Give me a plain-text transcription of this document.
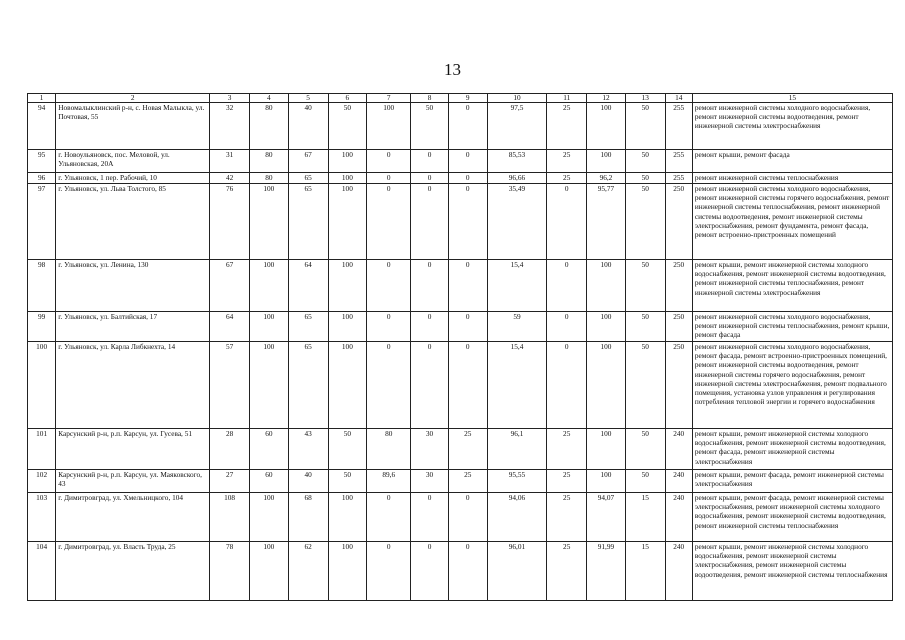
13
1	2	3	4	5	6	7	8	9	10	11	12	13	14	15
94	Новомалыклинский р-н, с. Новая Малыкла, ул. Почтовая, 55	32	80	40	50	100	50	0	97,5	25	100	50	255	ремонт инженерной системы холодного водоснабжения, ремонт инженерной системы водоотведения, ремонт инженерной системы электроснабжения
95	г. Новоульяновск, пос. Меловой, ул. Ульяновская, 20А	31	80	67	100	0	0	0	85,53	25	100	50	255	ремонт крыши, ремонт фасада
96	г. Ульяновск, 1 пер. Рабочий, 10	42	80	65	100	0	0	0	96,66	25	96,2	50	255	ремонт инженерной системы теплоснабжения
97	г. Ульяновск, ул. Льва Толстого, 85	76	100	65	100	0	0	0	35,49	0	95,77	50	250	ремонт инженерной системы холодного водоснабжения, ремонт инженерной системы горячего водоснабжения, ремонт инженерной системы теплоснабжения, ремонт инженерной системы водоотведения, ремонт инженерной системы электроснабжения, ремонт фундамента, ремонт фасада, ремонт встроенно-пристроенных помещений
98	г. Ульяновск, ул. Ленина, 130	67	100	64	100	0	0	0	15,4	0	100	50	250	ремонт крыши, ремонт инженерной системы холодного водоснабжения, ремонт инженерной системы водоотведения, ремонт инженерной системы теплоснабжения, ремонт инженерной системы электроснабжения
99	г. Ульяновск, ул. Балтийская, 17	64	100	65	100	0	0	0	59	0	100	50	250	ремонт инженерной системы холодного водоснабжения, ремонт инженерной системы теплоснабжения, ремонт крыши, ремонт фасада
100	г. Ульяновск, ул. Карла Либкнехта, 14	57	100	65	100	0	0	0	15,4	0	100	50	250	ремонт инженерной системы холодного водоснабжения, ремонт фасада, ремонт встроенно-пристроенных помещений, ремонт инженерной системы водоотведения, ремонт инженерной системы горячего водоснабжения, ремонт инженерной системы электроснабжения, ремонт подвального помещения, установка узлов управления и регулирования потребления тепловой энергии и горячего водоснабжения
101	Карсунский р-н, р.п. Карсун, ул. Гусева, 51	28	60	43	50	80	30	25	96,1	25	100	50	240	ремонт крыши, ремонт инженерной системы холодного водоснабжения, ремонт инженерной системы водоотведения, ремонт фасада, ремонт инженерной системы электроснабжения
102	Карсунский р-н, р.п. Карсун, ул. Маяковского, 43	27	60	40	50	89,6	30	25	95,55	25	100	50	240	ремонт крыши, ремонт фасада, ремонт инженерной системы электроснабжения
103	г. Димитровград, ул. Хмельницкого, 104	108	100	68	100	0	0	0	94,06	25	94,07	15	240	ремонт крыши, ремонт фасада, ремонт инженерной системы электроснабжения, ремонт инженерной системы холодного водоснабжения, ремонт инженерной системы водоотведения, ремонт инженерной системы теплоснабжения
104	г. Димитровград, ул. Власть Труда, 25	78	100	62	100	0	0	0	96,01	25	91,99	15	240	ремонт крыши, ремонт инженерной системы холодного водоснабжения, ремонт инженерной системы электроснабжения, ремонт инженерной системы водоотведения, ремонт инженерной системы теплоснабжения
